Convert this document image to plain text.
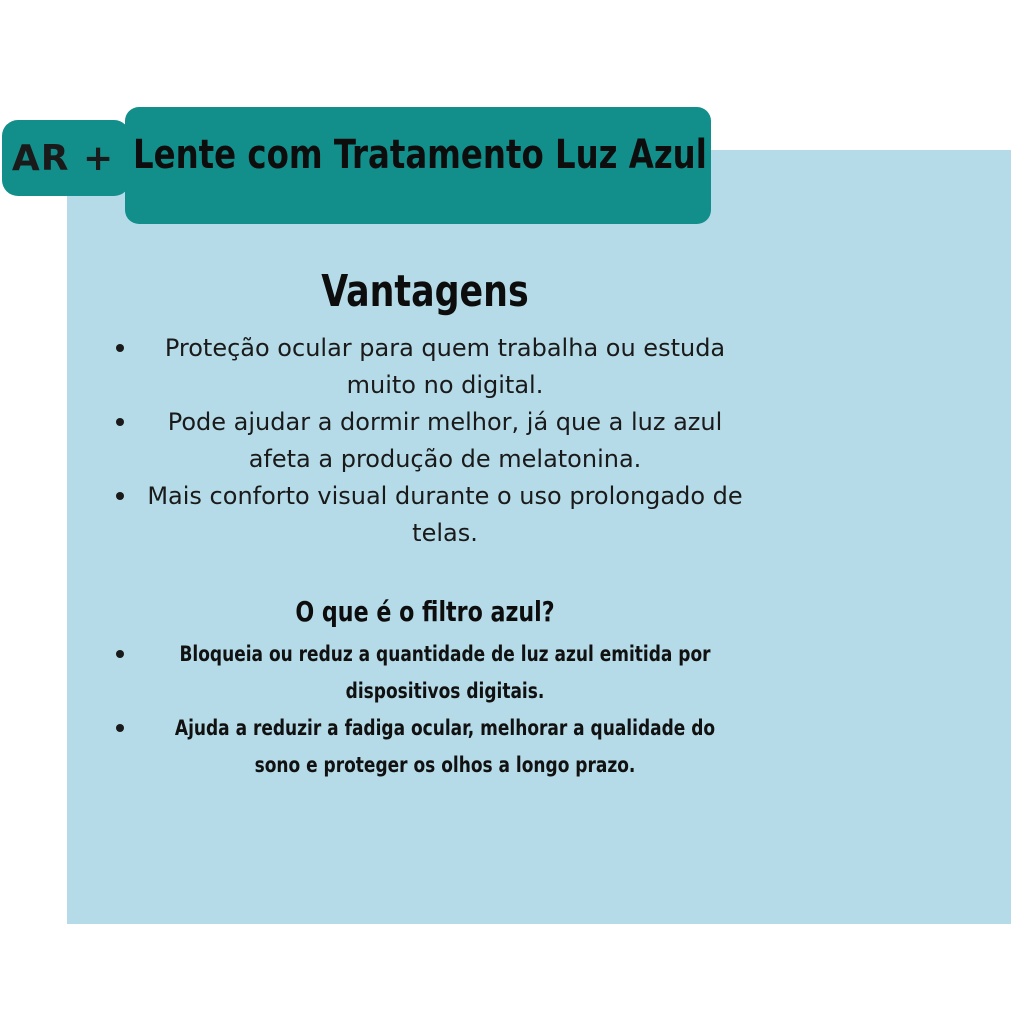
Lente com Tratamento Luz Azul
AR +
Vantagens
Proteção ocular para quem trabalha ou estuda muito no digital.
Pode ajudar a dormir melhor, já que a luz azul afeta a produção de melatonina.
Mais conforto visual durante o uso prolongado de telas.
O que é o filtro azul?
Bloqueia ou reduz a quantidade de luz azul emitida por dispositivos digitais.
Ajuda a reduzir a fadiga ocular, melhorar a qualidade do sono e proteger os olhos a longo prazo.
